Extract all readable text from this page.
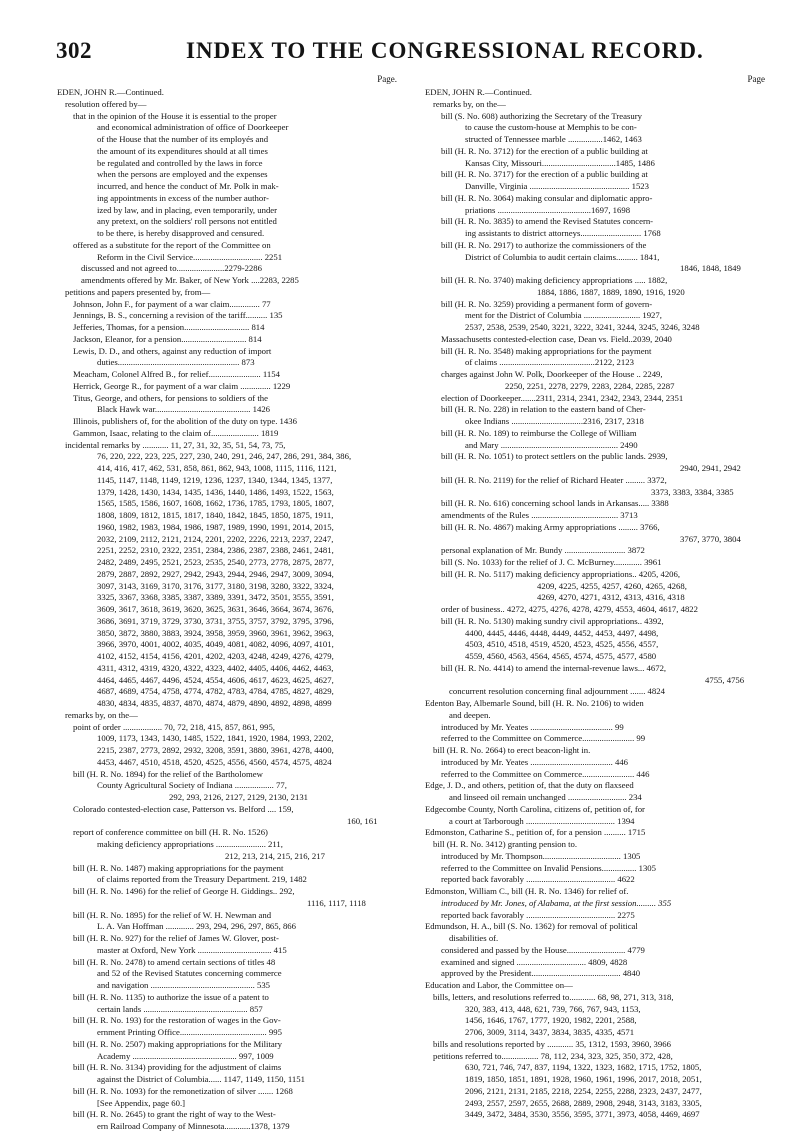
302	INDEX TO THE CONGRESSIONAL RECORD.
Page.
EDEN, JOHN R.—Continued.
resolution offered by—
that in the opinion of the House it is essential to the proper
and economical administration of office of Doorkeeper
of the House that the number of its employés and
the amount of its expenditures should at all times
be regulated and controlled by the laws in force
when the persons are employed and the expenses
incurred, and hence the conduct of Mr. Polk in mak-
ing appointments in excess of the number author-
ized by law, and in placing, even temporarily, under
any pretext, on the soldiers' roll persons not entitled
to be there, is hereby disapproved and censured.
offered as a substitute for the report of the Committee on
Reform in the Civil Service................................ 2251
discussed and not agreed to......................2279-2286
amendments offered by Mr. Baker, of New York ....2283, 2285
petitions and papers presented by, from—
Johnson, John F., for payment of a war claim.............. 77
Jennings, B. S., concerning a revision of the tariff.......... 135
Jefferies, Thomas, for a pension.............................. 814
Jackson, Eleanor, for a pension.............................. 814
Lewis, D. D., and others, against any reduction of import
duties........................................................ 873
Meacham, Colonel Alfred B., for relief........................ 1154
Herrick, George R., for payment of a war claim .............. 1229
Titus, George, and others, for pensions to soldiers of the
Black Hawk war............................................ 1426
Illinois, publishers of, for the abolition of the duty on type. 1436
Gammon, Isaac, relating to the claim of...................... 1819
incidental remarks by ............ 11, 27, 31, 32, 35, 51, 54, 73, 75,
76, 220, 222, 223, 225, 227, 230, 240, 291, 246, 247, 286, 291, 384, 386,
414, 416, 417, 462, 531, 858, 861, 862, 943, 1008, 1115, 1116, 1121,
1145, 1147, 1148, 1149, 1219, 1236, 1237, 1340, 1344, 1345, 1377,
1379, 1428, 1430, 1434, 1435, 1436, 1440, 1486, 1493, 1522, 1563,
1565, 1585, 1586, 1607, 1608, 1662, 1736, 1785, 1793, 1805, 1807,
1808, 1809, 1812, 1815, 1817, 1840, 1842, 1845, 1850, 1875, 1911,
1960, 1982, 1983, 1984, 1986, 1987, 1989, 1990, 1991, 2014, 2015,
2032, 2109, 2112, 2121, 2124, 2201, 2202, 2226, 2213, 2237, 2247,
2251, 2252, 2310, 2322, 2351, 2384, 2386, 2387, 2388, 2461, 2481,
2482, 2489, 2495, 2521, 2523, 2535, 2540, 2773, 2778, 2875, 2877,
2879, 2887, 2892, 2927, 2942, 2943, 2944, 2946, 2947, 3009, 3094,
3097, 3143, 3169, 3170, 3176, 3177, 3180, 3198, 3280, 3322, 3324,
3325, 3367, 3368, 3385, 3387, 3389, 3391, 3472, 3501, 3555, 3591,
3609, 3617, 3618, 3619, 3620, 3625, 3631, 3646, 3664, 3674, 3676,
3686, 3691, 3719, 3729, 3730, 3731, 3755, 3757, 3792, 3795, 3796,
3850, 3872, 3880, 3883, 3924, 3958, 3959, 3960, 3961, 3962, 3963,
3966, 3970, 4001, 4002, 4035, 4049, 4081, 4082, 4096, 4097, 4101,
4102, 4152, 4154, 4156, 4201, 4202, 4203, 4248, 4249, 4276, 4279,
4311, 4312, 4319, 4320, 4322, 4323, 4402, 4405, 4406, 4462, 4463,
4464, 4465, 4467, 4496, 4524, 4554, 4606, 4617, 4623, 4625, 4627,
4687, 4689, 4754, 4758, 4774, 4782, 4783, 4784, 4785, 4827, 4829,
4830, 4834, 4835, 4837, 4870, 4874, 4879, 4890, 4892, 4898, 4899
remarks by, on the—
point of order .................. 70, 72, 218, 415, 857, 861, 995,
1009, 1173, 1343, 1430, 1485, 1522, 1841, 1920, 1984, 1993, 2202,
2215, 2387, 2773, 2892, 2932, 3208, 3591, 3880, 3961, 4278, 4400,
4453, 4467, 4510, 4518, 4520, 4525, 4556, 4560, 4574, 4575, 4824
bill (H. R. No. 1894) for the relief of the Bartholomew
County Agricultural Society of Indiana .................. 77,
292, 293, 2126, 2127, 2129, 2130, 2131
Colorado contested-election case, Patterson vs. Belford .... 159,
160, 161
report of conference committee on bill (H. R. No. 1526)
making deficiency appropriations ....................... 211,
212, 213, 214, 215, 216, 217
bill (H. R. No. 1487) making appropriations for the payment
of claims reported from the Treasury Department. 219, 1482
bill (H. R. No. 1496) for the relief of George H. Giddings.. 292,
1116, 1117, 1118
bill (H. R. No. 1895) for the relief of W. H. Newman and
L. A. Van Hoffman ............. 293, 294, 296, 297, 865, 866
bill (H. R. No. 927) for the relief of James W. Glover, post-
master at Oxford, New York .................................. 415
bill (H. R. No. 2478) to amend certain sections of titles 48
and 52 of the Revised Statutes concerning commerce
and navigation ................................................ 535
bill (H. R. No. 1135) to authorize the issue of a patent to
certain lands ................................................ 857
bill (H. R. No. 193) for the restoration of wages in the Gov-
ernment Printing Office........................................ 995
bill (H. R. No. 2507) making appropriations for the Military
Academy ................................................ 997, 1009
bill (H. R. No. 3134) providing for the adjustment of claims
against the District of Columbia...... 1147, 1149, 1150, 1151
bill (H. R. No. 1093) for the remonetization of silver ....... 1268
[See Appendix, page 60.]
bill (H. R. No. 2645) to grant the right of way to the West-
ern Railroad Company of Minnesota............1378, 1379
Page
EDEN, JOHN R.—Continued.
remarks by, on the—
bill (S. No. 608) authorizing the Secretary of the Treasury
to cause the custom-house at Memphis to be con-
structed of Tennessee marble ................1462, 1463
bill (H. R. No. 3712) for the erection of a public building at
Kansas City, Missouri..................................1485, 1486
bill (H. R. No. 3717) for the erection of a public building at
Danville, Virginia .............................................. 1523
bill (H. R. No. 3064) making consular and diplomatic appro-
priations ...........................................1697, 1698
bill (H. R. No. 3835) to amend the Revised Statutes concern-
ing assistants to district attorneys............................ 1768
bill (H. R. No. 2917) to authorize the commissioners of the
District of Columbia to audit certain claims.......... 1841,
1846, 1848, 1849
bill (H. R. No. 3740) making deficiency appropriations ..... 1882,
1884, 1886, 1887, 1889, 1890, 1916, 1920
bill (H. R. No. 3259) providing a permanent form of govern-
ment for the District of Columbia .......................... 1927,
2537, 2538, 2539, 2540, 3221, 3222, 3241, 3244, 3245, 3246, 3248
Massachusetts contested-election case, Dean vs. Field..2039, 2040
bill (H. R. No. 3548) making appropriations for the payment
of claims ............................................2122, 2123
charges against John W. Polk, Doorkeeper of the House .. 2249,
2250, 2251, 2278, 2279, 2283, 2284, 2285, 2287
election of Doorkeeper.......2311, 2314, 2341, 2342, 2343, 2344, 2351
bill (H. R. No. 228) in relation to the eastern band of Cher-
okee Indians .................................2316, 2317, 2318
bill (H. R. No. 189) to reimburse the College of William
and Mary ...................................................... 2490
bill (H. R. No. 1051) to protect settlers on the public lands. 2939,
2940, 2941, 2942
bill (H. R. No. 2119) for the relief of Richard Heater ......... 3372,
3373, 3383, 3384, 3385
bill (H. R. No. 616) concerning school lands in Arkansas..... 3388
amendments of the Rules ........................................ 3713
bill (H. R. No. 4867) making Army appropriations ......... 3766,
3767, 3770, 3804
personal explanation of Mr. Bundy ............................ 3872
bill (S. No. 1033) for the relief of J. C. McBurney............. 3961
bill (H. R. No. 5117) making deficiency appropriations.. 4205, 4206,
4209, 4225, 4255, 4257, 4260, 4265, 4268,
4269, 4270, 4271, 4312, 4313, 4316, 4318
order of business.. 4272, 4275, 4276, 4278, 4279, 4553, 4604, 4617, 4822
bill (H. R. No. 5130) making sundry civil appropriations.. 4392,
4400, 4445, 4446, 4448, 4449, 4452, 4453, 4497, 4498,
4503, 4510, 4518, 4519, 4520, 4523, 4525, 4556, 4557,
4559, 4560, 4563, 4564, 4565, 4574, 4575, 4577, 4580
bill (H. R. No. 4414) to amend the internal-revenue laws... 4672,
4755, 4756
concurrent resolution concerning final adjournment ....... 4824
Edenton Bay, Albemarle Sound, bill (H. R. No. 2106) to widen
and deepen.
introduced by Mr. Yeates ...................................... 99
referred to the Committee on Commerce........................ 99
bill (H. R. No. 2664) to erect beacon-light in.
introduced by Mr. Yeates ...................................... 446
referred to the Committee on Commerce........................ 446
Edge, J. D., and others, petition of, that the duty on flaxseed
and linseed oil remain unchanged ........................... 234
Edgecombe County, North Carolina, citizens of, petition of, for
a court at Tarborough ......................................... 1394
Edmonston, Catharine S., petition of, for a pension .......... 1715
bill (H. R. No. 3412) granting pension to.
introduced by Mr. Thompson.................................... 1305
referred to the Committee on Invalid Pensions................ 1305
reported back favorably ......................................... 4622
Edmonston, William C., bill (H. R. No. 1346) for relief of.
introduced by Mr. Jones, of Alabama, at the first session......... 355
reported back favorably ......................................... 2275
Edmundson, H. A., bill (S. No. 1362) for removal of political
disabilities of.
considered and passed by the House........................... 4779
examined and signed ................................ 4809, 4828
approved by the President......................................... 4840
Education and Labor, the Committee on—
bills, letters, and resolutions referred to............ 68, 98, 271, 313, 318,
320, 383, 413, 448, 621, 739, 766, 767, 943, 1153,
1456, 1646, 1767, 1777, 1920, 1982, 2201, 2588,
2706, 3009, 3114, 3437, 3834, 3835, 4335, 4571
bills and resolutions reported by ............ 35, 1312, 1593, 3960, 3966
petitions referred to................. 78, 112, 234, 323, 325, 350, 372, 428,
630, 721, 746, 747, 837, 1194, 1322, 1323, 1682, 1715, 1752, 1805,
1819, 1850, 1851, 1891, 1928, 1960, 1961, 1996, 2017, 2018, 2051,
2096, 2121, 2131, 2185, 2218, 2254, 2255, 2288, 2323, 2437, 2477,
2493, 2557, 2597, 2655, 2688, 2889, 2908, 2948, 3143, 3183, 3305,
3449, 3472, 3484, 3530, 3556, 3595, 3771, 3973, 4058, 4469, 4697
